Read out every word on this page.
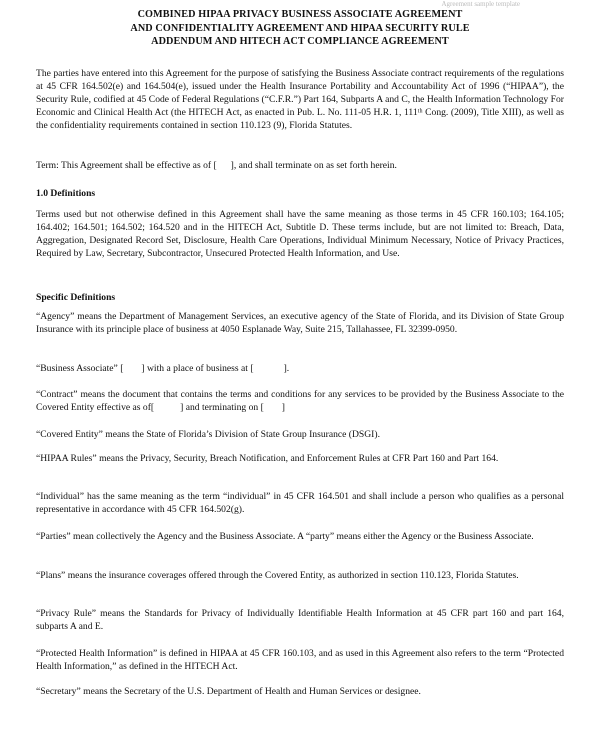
Agreement sample template
COMBINED HIPAA PRIVACY BUSINESS ASSOCIATE AGREEMENT
AND CONFIDENTIALITY AGREEMENT AND HIPAA SECURITY RULE
ADDENDUM AND HITECH ACT COMPLIANCE AGREEMENT

The parties have entered into this Agreement for the purpose of satisfying the Business Associate contract requirements of the regulations at 45 CFR 164.502(e) and 164.504(e), issued under the Health Insurance Portability and Accountability Act of 1996 (“HIPAA”), the Security Rule, codified at 45 Code of Federal Regulations (“C.F.R.”) Part 164, Subparts A and C, the Health Information Technology For Economic and Clinical Health Act (the HITECH Act, as enacted in Pub. L. No. 111-05 H.R. 1, 111ᵗʰ Cong. (2009), Title XIII), as well as the confidentiality requirements contained in section 110.123 (9), Florida Statutes.

Term: This Agreement shall be effective as of [ ], and shall terminate on as set forth herein.

1.0 Definitions

Terms used but not otherwise defined in this Agreement shall have the same meaning as those terms in 45 CFR 160.103; 164.105; 164.402; 164.501; 164.502; 164.520 and in the HITECH Act, Subtitle D. These terms include, but are not limited to: Breach, Data, Aggregation, Designated Record Set, Disclosure, Health Care Operations, Individual Minimum Necessary, Notice of Privacy Practices, Required by Law, Secretary, Subcontractor, Unsecured Protected Health Information, and Use.

Specific Definitions

“Agency” means the Department of Management Services, an executive agency of the State of Florida, and its Division of State Group Insurance with its principle place of business at 4050 Esplanade Way, Suite 215, Tallahassee, FL 32399-0950.

“Business Associate” [ ] with a place of business at [	].

“Contract” means the document that contains the terms and conditions for any services to be provided by the Business Associate to the Covered Entity effective as of[	] and terminating on [ ]

“Covered Entity” means the State of Florida’s Division of State Group Insurance (DSGI).

“HIPAA Rules” means the Privacy, Security, Breach Notification, and Enforcement Rules at CFR Part 160 and Part 164.

“Individual” has the same meaning as the term “individual” in 45 CFR 164.501 and shall include a person who qualifies as a personal representative in accordance with 45 CFR 164.502(g).

“Parties” mean collectively the Agency and the Business Associate. A “party” means either the Agency or the Business Associate.

“Plans” means the insurance coverages offered through the Covered Entity, as authorized in section 110.123, Florida Statutes.

“Privacy Rule” means the Standards for Privacy of Individually Identifiable Health Information at 45 CFR part 160 and part 164, subparts A and E.

“Protected Health Information” is defined in HIPAA at 45 CFR 160.103, and as used in this Agreement also refers to the term “Protected Health Information,” as defined in the HITECH Act.

“Secretary” means the Secretary of the U.S. Department of Health and Human Services or designee.
